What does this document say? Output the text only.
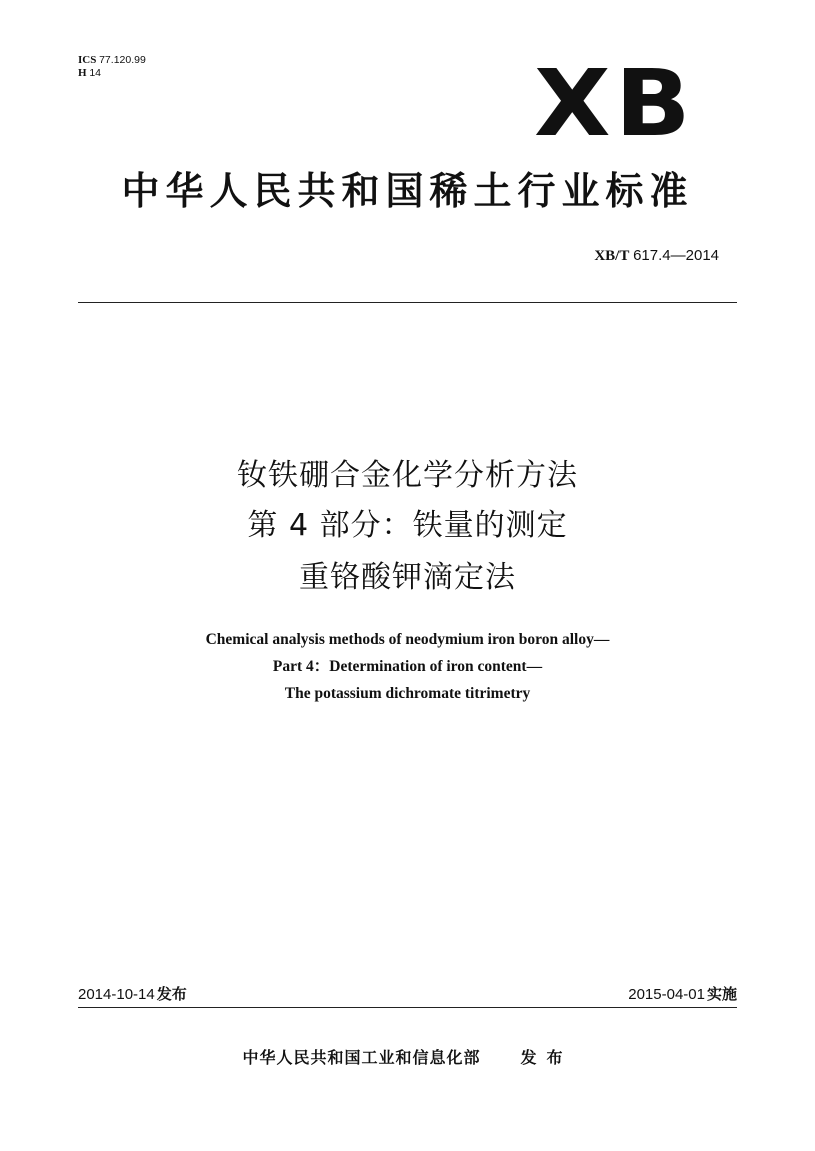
ICS 77.120.99
H 14	XB
中华人民共和国稀土行业标准
XB/T 617.4—2014
钕铁硼合金化学分析方法
第 4 部分：铁量的测定
重铬酸钾滴定法
Chemical analysis methods of neodymium iron boron alloy—
Part 4：Determination of iron content—
The potassium dichromate titrimetry
2014-10-14 发布	2015-04-01 实施
中华人民共和国工业和信息化部	发布
